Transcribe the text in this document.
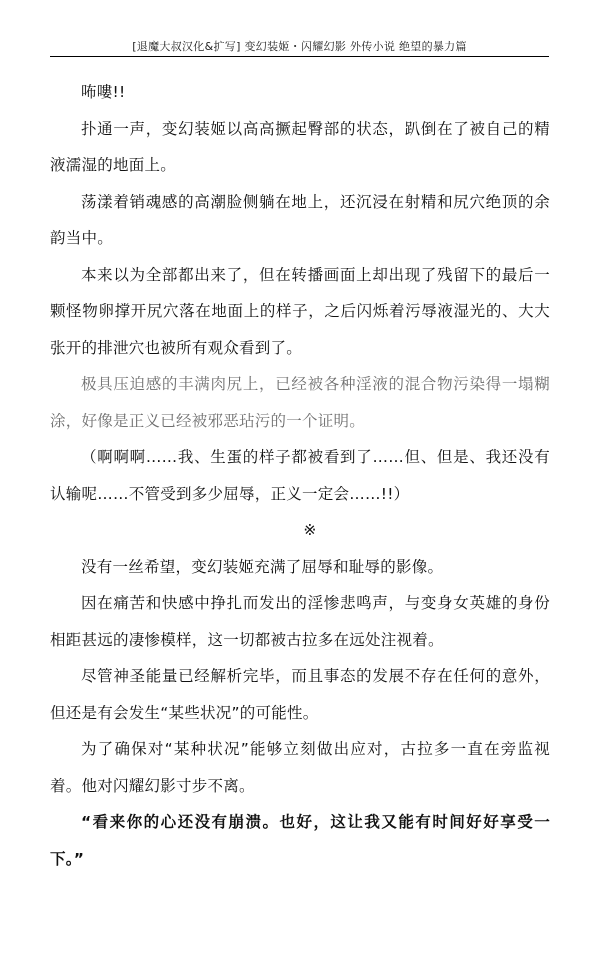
[退魔大叔汉化&扩写] 变幻装姬・闪耀幻影 外传小说 绝望的暴力篇

咘嘍!!

扑通一声，变幻装姬以高高撅起臀部的状态，趴倒在了被自己的精液濡湿的地面上。

荡漾着销魂感的高潮脸侧躺在地上，还沉浸在射精和尻穴绝顶的余韵当中。

本来以为全部都出来了，但在转播画面上却出现了残留下的最后一颗怪物卵撑开尻穴落在地面上的样子，之后闪烁着污辱液湿光的、大大张开的排泄穴也被所有观众看到了。

极具压迫感的丰满肉尻上，已经被各种淫液的混合物污染得一塌糊涂，好像是正义已经被邪恶玷污的一个证明。

（啊啊啊……我、生蛋的样子都被看到了……但、但是、我还没有认输呢……不管受到多少屈辱，正义一定会……!!）

※

没有一丝希望，变幻装姬充满了屈辱和耻辱的影像。

因在痛苦和快感中挣扎而发出的淫惨悲鸣声，与变身女英雄的身份相距甚远的凄惨模样，这一切都被古拉多在远处注视着。

尽管神圣能量已经解析完毕，而且事态的发展不存在任何的意外，但还是有会发生“某些状况”的可能性。

为了确保对“某种状况”能够立刻做出应对，古拉多一直在旁监视着。他对闪耀幻影寸步不离。

“看来你的心还没有崩溃。也好，这让我又能有时间好好享受一下。”
